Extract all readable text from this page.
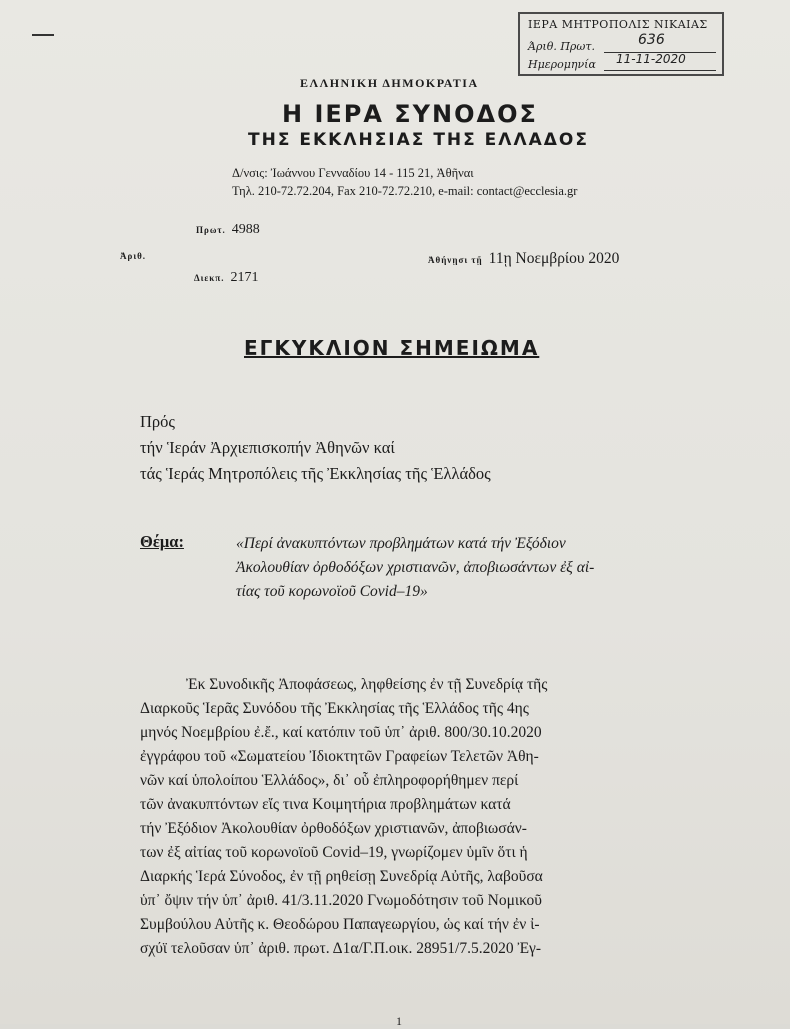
ΙΕΡΑ ΜΗΤΡΟΠΟΛΙΣ ΝΙΚΑΙΑΣ
Άριθ. Πρωτ.	636
Ημερομηνία 11-11-2020
ΕΛΛΗΝΙΚΗ ΔΗΜΟΚΡΑΤΙΑ
Η ΙΕΡΑ ΣΥΝΟΔΟΣ
ΤΗΣ ΕΚΚΛΗΣΙΑΣ ΤΗΣ ΕΛΛΑΔΟΣ
Δ/νσις: Ἰωάννου Γενναδίου 14 - 115 21, Ἀθῆναι
Τηλ. 210-72.72.204, Fax 210-72.72.210, e-mail: contact@ecclesia.gr
Πρωτ. 4988
Ἀριθ.
Διεκπ. 2171
Ἀθήνῃσι τῇ 11ῃ Νοεμβρίου 2020
ΕΓΚΥΚΛΙΟΝ ΣΗΜΕΙΩΜΑ
Πρός
τήν Ἱεράν Ἀρχιεπισκοπήν Ἀθηνῶν καί
τάς Ἱεράς Μητροπόλεις τῆς Ἐκκλησίας τῆς Ἑλλάδος
Θέμα:	«Περί ἀνακυπτόντων προβλημάτων κατά τήν Ἐξόδιον
Ἀκολουθίαν ὀρθοδόξων χριστιανῶν, ἀποβιωσάντων ἐξ αἰ-
τίας τοῦ κορωνοϊοῦ Covid–19»
Ἐκ Συνοδικῆς Ἀποφάσεως, ληφθείσης ἐν τῇ Συνεδρίᾳ τῆς
Διαρκοῦς Ἱερᾶς Συνόδου τῆς Ἐκκλησίας τῆς Ἑλλάδος τῆς 4ης
μηνός Νοεμβρίου ἐ.ἔ., καί κατόπιν τοῦ ὑπ᾿ ἀριθ. 800/30.10.2020
ἐγγράφου τοῦ «Σωματείου Ἰδιοκτητῶν Γραφείων Τελετῶν Ἀθη-
νῶν καί ὑπολοίπου Ἑλλάδος», δι᾿ οὗ ἐπληροφορήθημεν περί
τῶν ἀνακυπτόντων εἴς τινα Κοιμητήρια προβλημάτων κατά
τήν Ἐξόδιον Ἀκολουθίαν ὀρθοδόξων χριστιανῶν, ἀποβιωσάν-
των ἐξ αἰτίας τοῦ κορωνοϊοῦ Covid–19, γνωρίζομεν ὑμῖν ὅτι ἡ
Διαρκής Ἱερά Σύνοδος, ἐν τῇ ρηθείσῃ Συνεδρίᾳ Αὐτῆς, λαβοῦσα
ὑπ᾿ ὄψιν τήν ὑπ᾿ ἀριθ. 41/3.11.2020 Γνωμοδότησιν τοῦ Νομικοῦ
Συμβούλου Αὐτῆς κ. Θεοδώρου Παπαγεωργίου, ὡς καί τήν ἐν ἰ-
σχύϊ τελοῦσαν ὑπ᾿ ἀριθ. πρωτ. Δ1α/Γ.Π.οικ. 28951/7.5.2020 Ἐγ-
1
